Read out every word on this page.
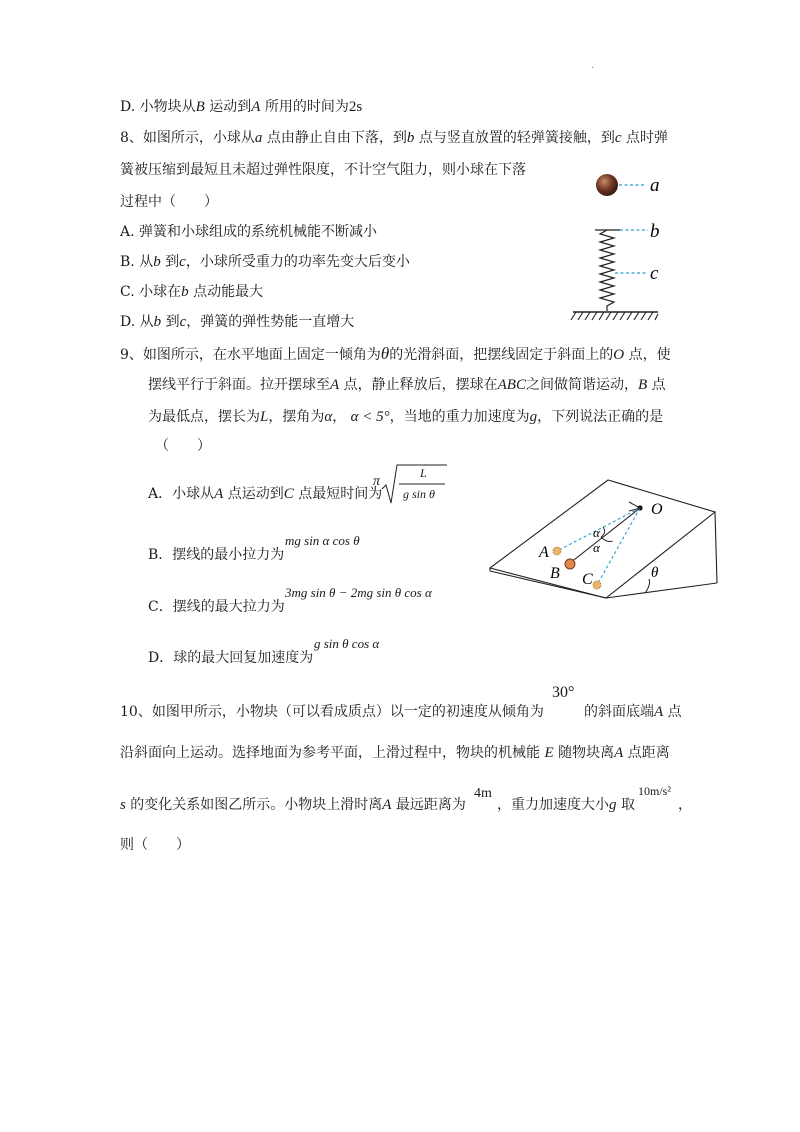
.
D. 小物块从B 运动到A 所用的时间为2s
8、如图所示，小球从a 点由静止自由下落，到b 点与竖直放置的轻弹簧接触，到c 点时弹
簧被压缩到最短且未超过弹性限度，不计空气阻力，则小球在下落
过程中（　　）
A. 弹簧和小球组成的系统机械能不断减小
B. 从b 到c，小球所受重力的功率先变大后变小
C. 小球在b 点动能最大
D. 从b 到c，弹簧的弹性势能一直增大
a
b
c
9、如图所示，在水平地面上固定一倾角为θ的光滑斜面，把摆线固定于斜面上的O 点，使
摆线平行于斜面。拉开摆球至A 点，静止释放后，摆球在ABC之间做简谐运动，B 点
为最低点，摆长为L，摆角为α， α < 5°，当地的重力加速度为g，下列说法正确的是
（　　）
A．小球从A 点运动到C 点最短时间为
π
L
g sin θ
B．摆线的最小拉力为
mg sin α cos θ
C．摆线的最大拉力为
3mg sin θ − 2mg sin θ cos α
D．球的最大回复加速度为
g sin θ cos α
θ
O
α
α
A
B C
10、如图甲所示，小物块（可以看成质点）以一定的初速度从倾角为
30°
的斜面底端A 点
沿斜面向上运动。选择地面为参考平面，上滑过程中，物块的机械能 E 随物块离A 点距离
s 的变化关系如图乙所示。小物块上滑时离A 最远距离为
4m
，重力加速度大小g 取
10m/s²
，
则（　　）
